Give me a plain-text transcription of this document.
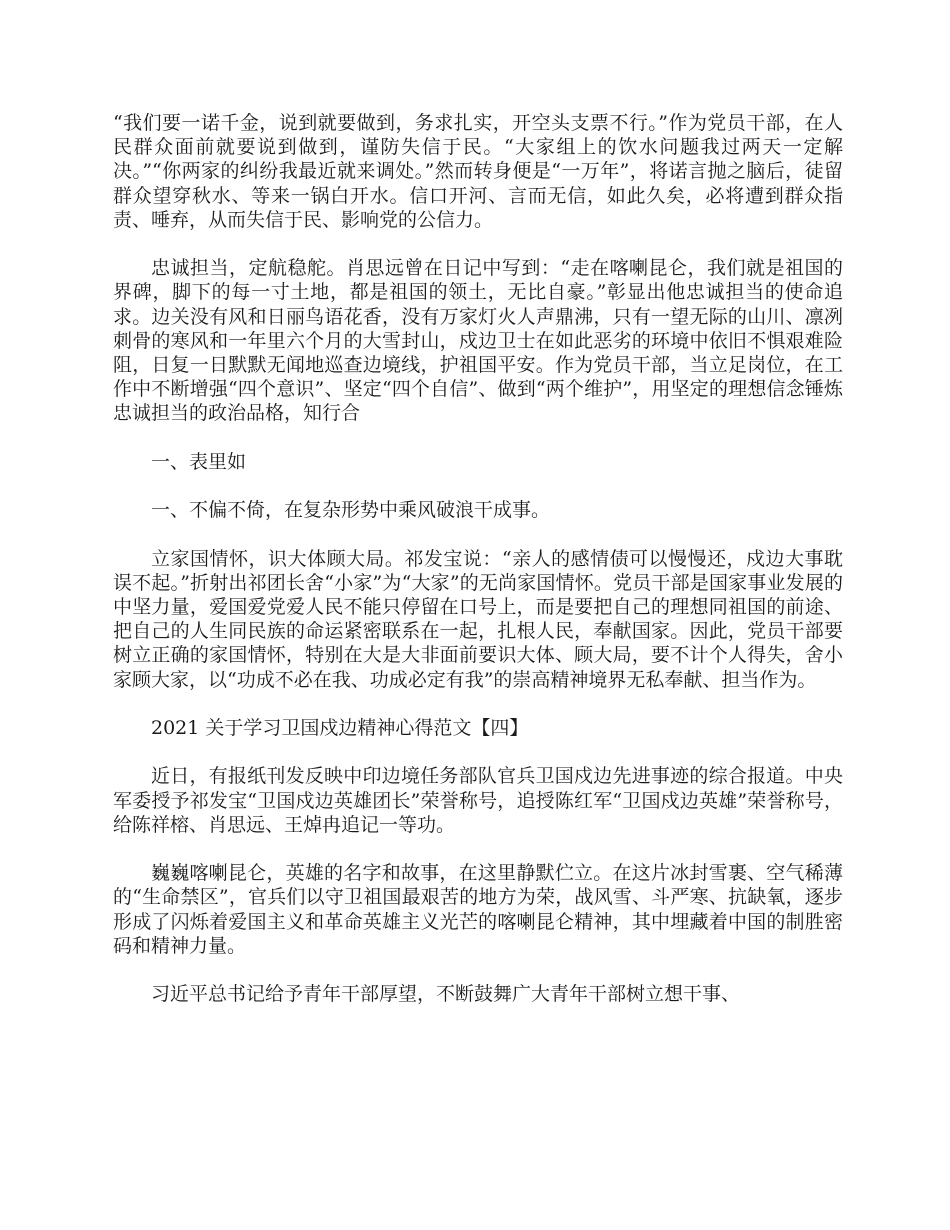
“我们要一诺千金，说到就要做到，务求扎实，开空头支票不行。”作为党员干部，在人民群众面前就要说到做到，谨防失信于民。“大家组上的饮水问题我过两天一定解决。”“你两家的纠纷我最近就来调处。”然而转身便是“一万年”，将诺言抛之脑后，徒留群众望穿秋水、等来一锅白开水。信口开河、言而无信，如此久矣，必将遭到群众指责、唾弃，从而失信于民、影响党的公信力。

忠诚担当，定航稳舵。肖思远曾在日记中写到：“走在喀喇昆仑，我们就是祖国的界碑，脚下的每一寸土地，都是祖国的领土，无比自豪。”彰显出他忠诚担当的使命追求。边关没有风和日丽鸟语花香，没有万家灯火人声鼎沸，只有一望无际的山川、凛冽刺骨的寒风和一年里六个月的大雪封山，戍边卫士在如此恶劣的环境中依旧不惧艰难险阻，日复一日默默无闻地巡查边境线，护祖国平安。作为党员干部，当立足岗位，在工作中不断增强“四个意识”、坚定“四个自信”、做到“两个维护”，用坚定的理想信念锤炼忠诚担当的政治品格，知行合

一、表里如

一、不偏不倚，在复杂形势中乘风破浪干成事。

立家国情怀，识大体顾大局。祁发宝说：“亲人的感情债可以慢慢还，戍边大事耽误不起。”折射出祁团长舍“小家”为“大家”的无尚家国情怀。党员干部是国家事业发展的中坚力量，爱国爱党爱人民不能只停留在口号上，而是要把自己的理想同祖国的前途、把自己的人生同民族的命运紧密联系在一起，扎根人民，奉献国家。因此，党员干部要树立正确的家国情怀，特别在大是大非面前要识大体、顾大局，要不计个人得失，舍小家顾大家，以“功成不必在我、功成必定有我”的崇高精神境界无私奉献、担当作为。

2021 关于学习卫国戍边精神心得范文【四】

近日，有报纸刊发反映中印边境任务部队官兵卫国戍边先进事迹的综合报道。中央军委授予祁发宝“卫国戍边英雄团长”荣誉称号，追授陈红军“卫国戍边英雄”荣誉称号，给陈祥榕、肖思远、王焯冉追记一等功。

巍巍喀喇昆仑，英雄的名字和故事，在这里静默伫立。在这片冰封雪裹、空气稀薄的“生命禁区”，官兵们以守卫祖国最艰苦的地方为荣，战风雪、斗严寒、抗缺氧，逐步形成了闪烁着爱国主义和革命英雄主义光芒的喀喇昆仑精神，其中埋藏着中国的制胜密码和精神力量。

习近平总书记给予青年干部厚望，不断鼓舞广大青年干部树立想干事、
